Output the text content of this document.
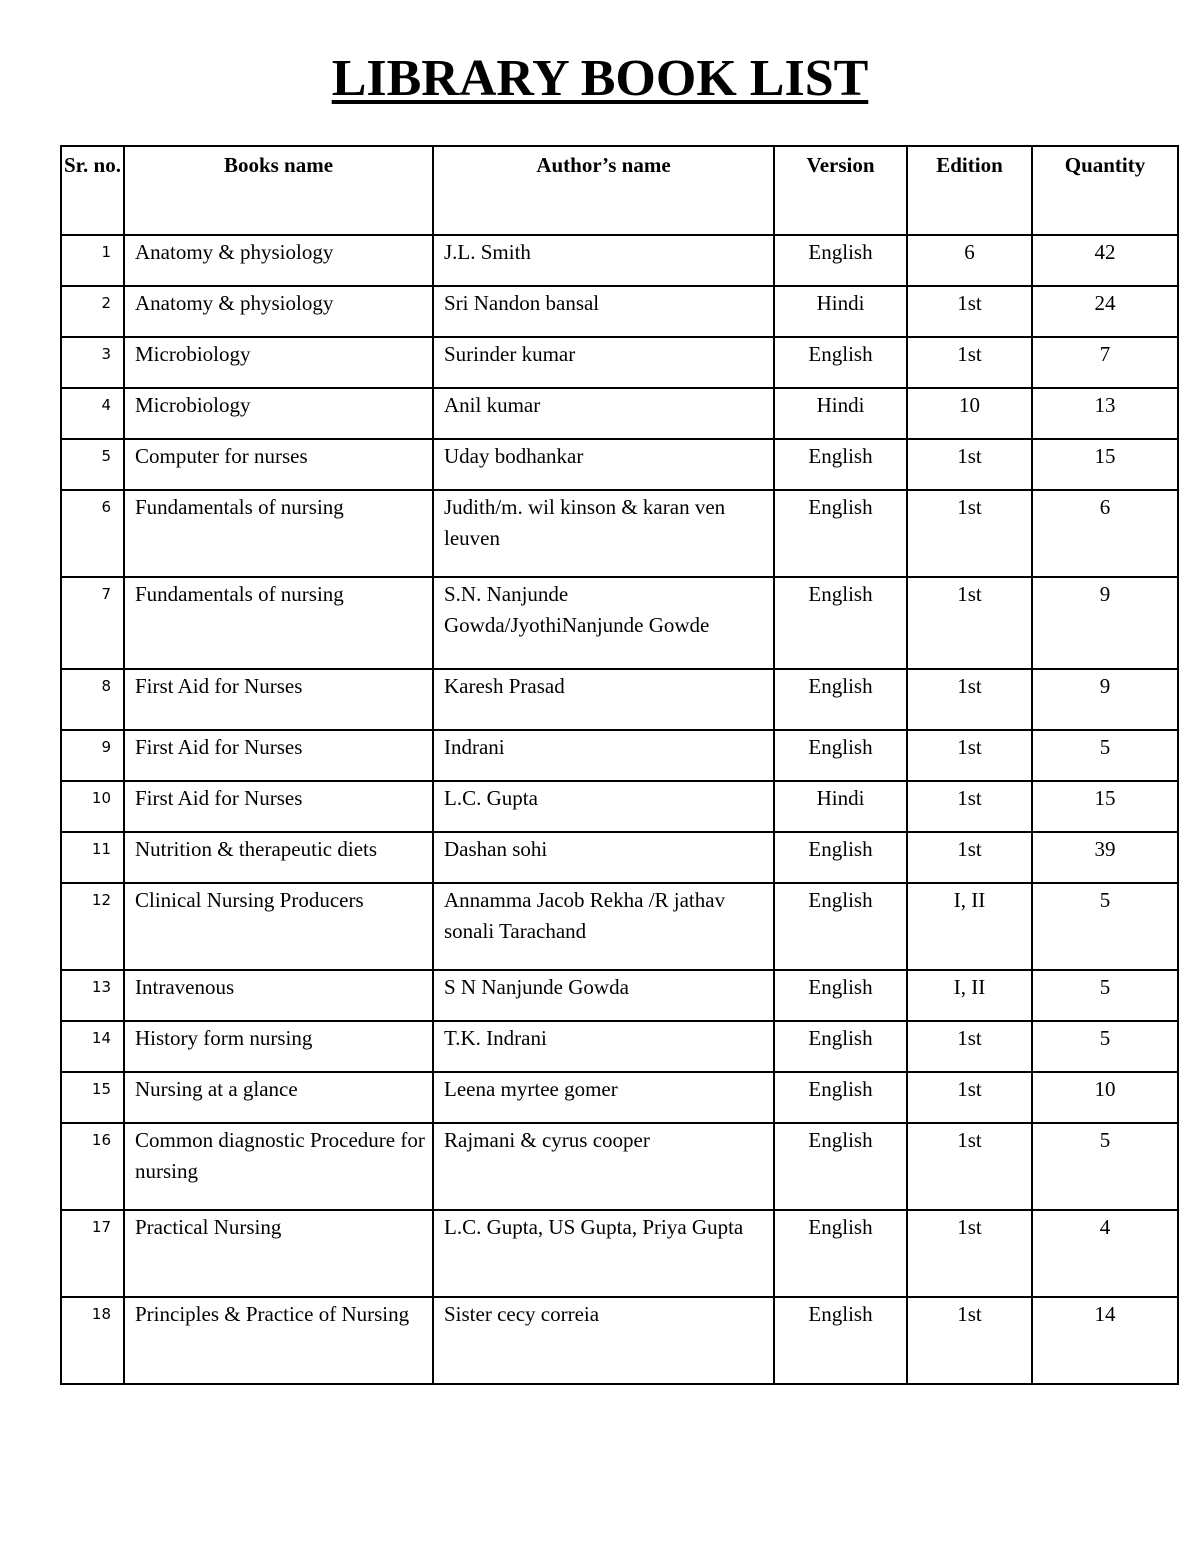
LIBRARY BOOK LIST
Sr. no.	Books name	Author’s name	Version	Edition	Quantity
1	Anatomy & physiology	J.L. Smith	English	6	42
2	Anatomy & physiology	Sri Nandon bansal	Hindi	1st	24
3	Microbiology	Surinder kumar	English	1st	7
4	Microbiology	Anil kumar	Hindi	10	13
5	Computer for nurses	Uday bodhankar	English	1st	15
6	Fundamentals of nursing	Judith/m. wil kinson & karan ven leuven	English	1st	6
7	Fundamentals of nursing	S.N. Nanjunde Gowda/JyothiNanjunde Gowde	English	1st	9
8	First Aid for Nurses	Karesh Prasad	English	1st	9
9	First Aid for Nurses	Indrani	English	1st	5
10	First Aid for Nurses	L.C. Gupta	Hindi	1st	15
11	Nutrition & therapeutic diets	Dashan sohi	English	1st	39
12	Clinical Nursing Producers	Annamma Jacob Rekha /R jathav sonali Tarachand	English	I, II	5
13	Intravenous	S N Nanjunde Gowda	English	I, II	5
14	History form nursing	T.K. Indrani	English	1st	5
15	Nursing at a glance	Leena myrtee gomer	English	1st	10
16	Common diagnostic Procedure for nursing	Rajmani & cyrus cooper	English	1st	5
17	Practical Nursing	L.C. Gupta, US Gupta, Priya Gupta	English	1st	4
18	Principles & Practice of Nursing	Sister cecy correia	English	1st	14
